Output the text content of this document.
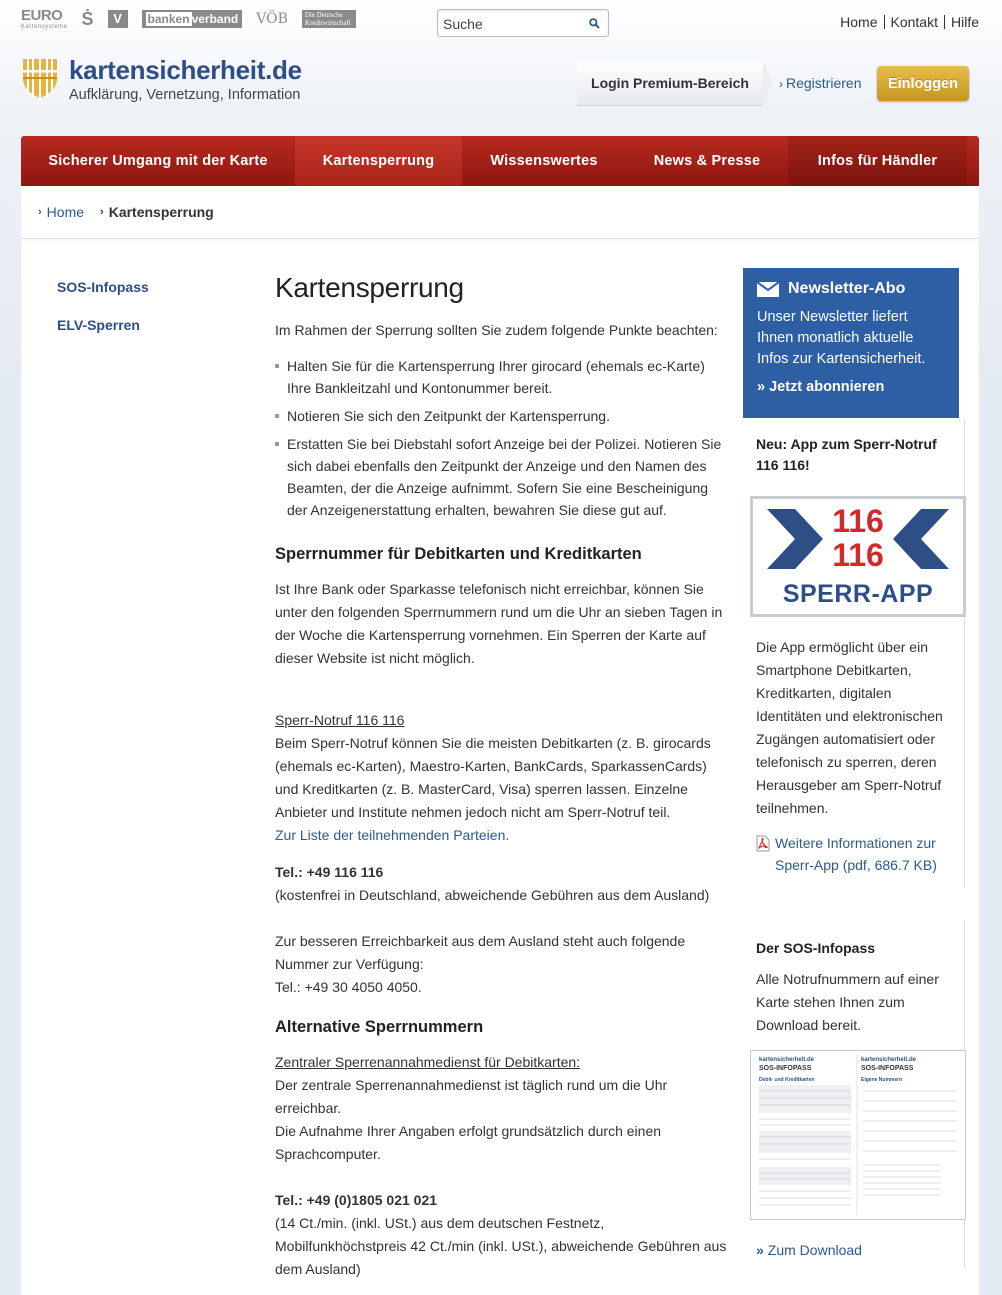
EURO
Kartensysteme Ṡ	V	banken verband VÖB	Die Deutsche Kreditwirtschaft
Suche	Home Kontakt Hilfe
kartensicherheit.de
Aufklärung, Vernetzung, Information
Login Premium-Bereich	› Registrieren	Einloggen
Sicherer Umgang mit der Karte	Kartensperrung	Wissenswertes	News & Presse	Infos für Händler
› Home › Kartensperrung
SOS-Infopass
ELV-Sperren
Kartensperrung

Im Rahmen der Sperrung sollten Sie zudem folgende Punkte beachten:

Halten Sie für die Kartensperrung Ihrer girocard (ehemals ec-Karte) Ihre Bankleitzahl und Kontonummer bereit.
Notieren Sie sich den Zeitpunkt der Kartensperrung.
Erstatten Sie bei Diebstahl sofort Anzeige bei der Polizei. Notieren Sie sich dabei ebenfalls den Zeitpunkt der Anzeige und den Namen des Beamten, der die Anzeige aufnimmt. Sofern Sie eine Bescheinigung der Anzeigenerstattung erhalten, bewahren Sie diese gut auf.
Sperrnummer für Debitkarten und Kreditkarten

Ist Ihre Bank oder Sparkasse telefonisch nicht erreichbar, können Sie unter den folgenden Sperrnummern rund um die Uhr an sieben Tagen in der Woche die Kartensperrung vornehmen. Ein Sperren der Karte auf dieser Website ist nicht möglich.

Sperr-Notruf 116 116

Beim Sperr-Notruf können Sie die meisten Debitkarten (z. B. girocards (ehemals ec-Karten), Maestro-Karten, BankCards, SparkassenCards) und Kreditkarten (z. B. MasterCard, Visa) sperren lassen. Einzelne Anbieter und Institute nehmen jedoch nicht am Sperr-Notruf teil.

Zur Liste der teilnehmenden Parteien.

Tel.: +49 116 116

(kostenfrei in Deutschland, abweichende Gebühren aus dem Ausland)

Zur besseren Erreichbarkeit aus dem Ausland steht auch folgende Nummer zur Verfügung:

Tel.: +49 30 4050 4050.

Alternative Sperrnummern

Zentraler Sperrenannahmedienst für Debitkarten:

Der zentrale Sperrenannahmedienst ist täglich rund um die Uhr erreichbar.

Die Aufnahme Ihrer Angaben erfolgt grundsätzlich durch einen Sprachcomputer.

Tel.: +49 (0)1805 021 021

(14 Ct./min. (inkl. USt.) aus dem deutschen Festnetz, Mobilfunkhöchstpreis 42 Ct./min (inkl. USt.), abweichende Gebühren aus dem Ausland)

Newsletter-Abo
Unser Newsletter liefert Ihnen monatlich aktuelle Infos zur Kartensicherheit.
» Jetzt abonnieren
Neu: App zum Sperr-Notruf 116 116!
116
116
SPERR-APP
Die App ermöglicht über ein Smartphone Debitkarten, Kreditkarten, digitalen Identitäten und elektronischen Zugängen automatisiert oder telefonisch zu sperren, deren Herausgeber am Sperr-Notruf teilnehmen.
Weitere Informationen zur Sperr-App (pdf, 686.7 KB)
Der SOS-Infopass
Alle Notrufnummern auf einer Karte stehen Ihnen zum Download bereit.
kartensicherheit.de
SOS-INFOPASS
Debit- und Kreditkarten
kartensicherheit.de
SOS-INFOPASS
Eigene Nummern
» Zum Download
